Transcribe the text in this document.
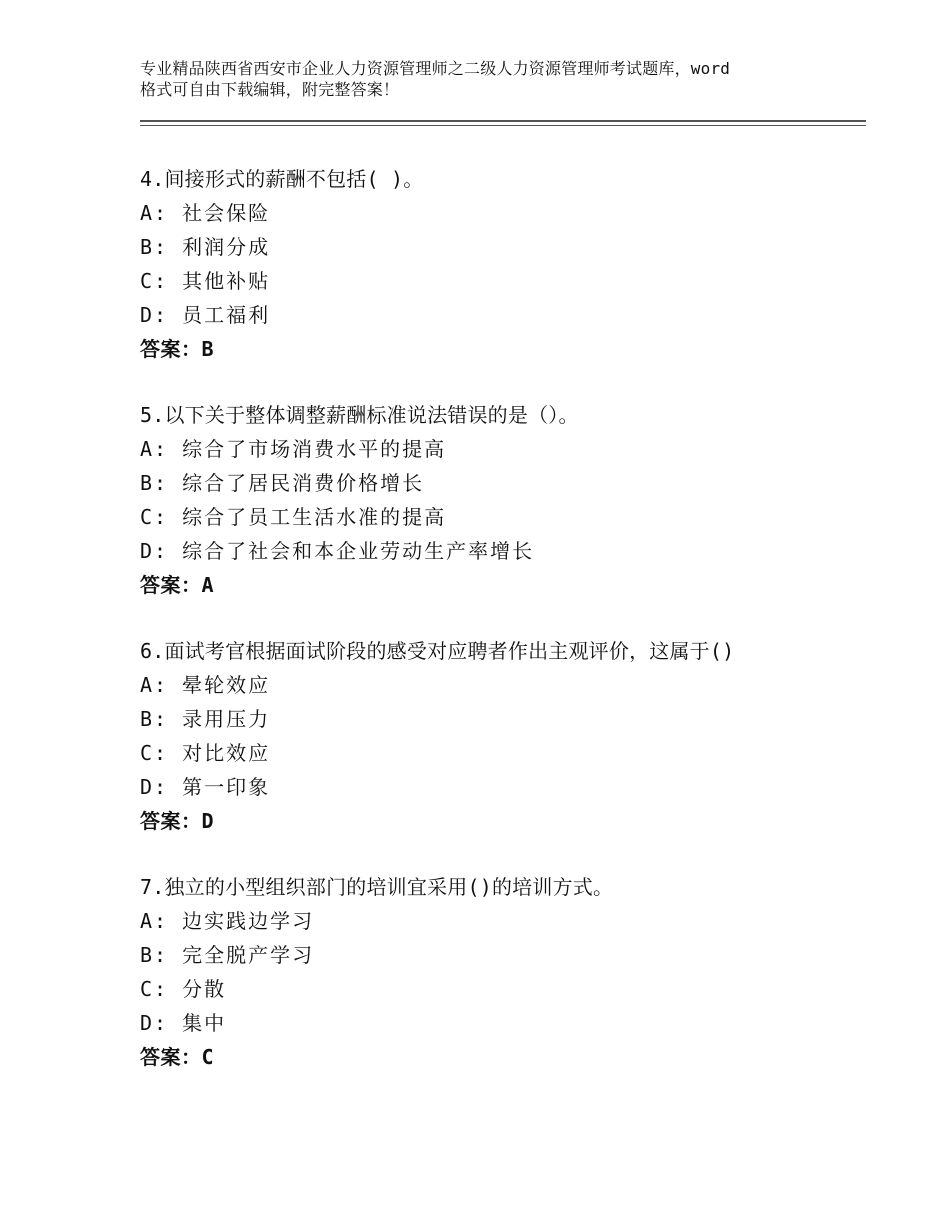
专业精品陕西省西安市企业人力资源管理师之二级人力资源管理师考试题库，word
格式可自由下载编辑，附完整答案！
4.间接形式的薪酬不包括( )。
A: 社会保险
B: 利润分成
C: 其他补贴
D: 员工福利
答案：B
5.以下关于整体调整薪酬标准说法错误的是（）。
A: 综合了市场消费水平的提高
B: 综合了居民消费价格增长
C: 综合了员工生活水准的提高
D: 综合了社会和本企业劳动生产率增长
答案：A
6.面试考官根据面试阶段的感受对应聘者作出主观评价，这属于()
A: 晕轮效应
B: 录用压力
C: 对比效应
D: 第一印象
答案：D
7.独立的小型组织部门的培训宜采用()的培训方式。
A: 边实践边学习
B: 完全脱产学习
C: 分散
D: 集中
答案：C
